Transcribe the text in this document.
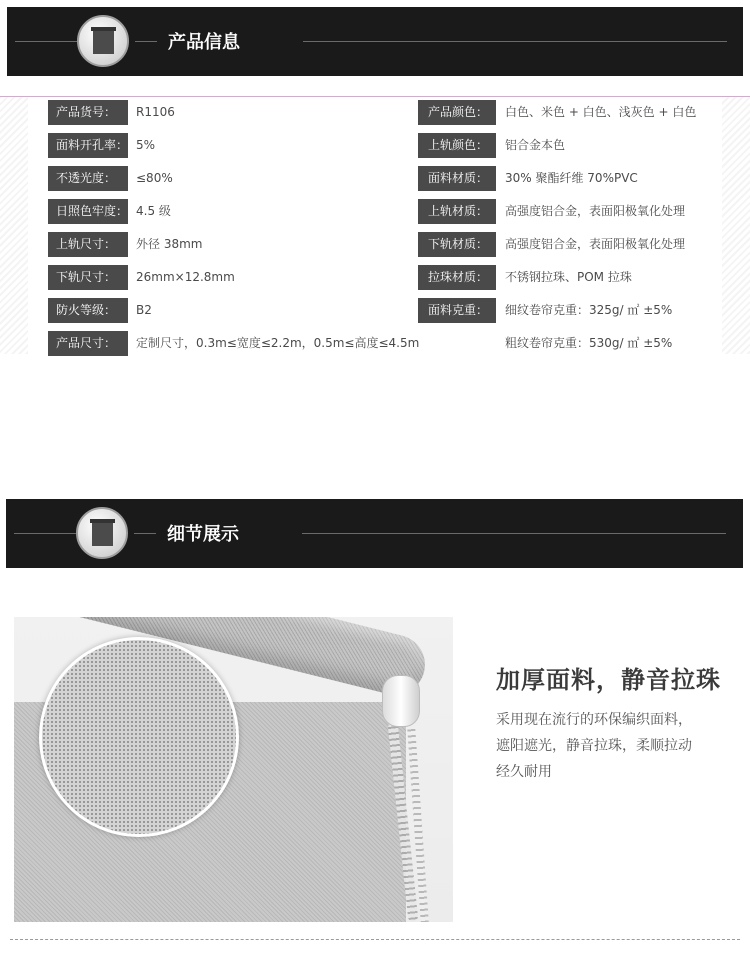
产品信息
产品货号：	R1106
面料开孔率： 5%
不透光度：	≤80%
日照色牢度： 4.5 级
上轨尺寸：	外径 38mm
下轨尺寸：	26mm×12.8mm
防火等级：	B2
产品尺寸：	定制尺寸，0.3m≤宽度≤2.2m，0.5m≤高度≤4.5m
产品颜色：	白色、米色 + 白色、浅灰色 + 白色
上轨颜色：	铝合金本色
面料材质：	30% 聚酯纤维 70%PVC
上轨材质：	高强度铝合金，表面阳极氧化处理
下轨材质：	高强度铝合金，表面阳极氧化处理
拉珠材质：	不锈钢拉珠、POM 拉珠
面料克重：	细纹卷帘克重：325g/ ㎡ ±5%
粗纹卷帘克重：530g/ ㎡ ±5%
细节展示
加厚面料，静音拉珠
采用现在流行的环保编织面料，
遮阳遮光，静音拉珠，柔顺拉动
经久耐用
